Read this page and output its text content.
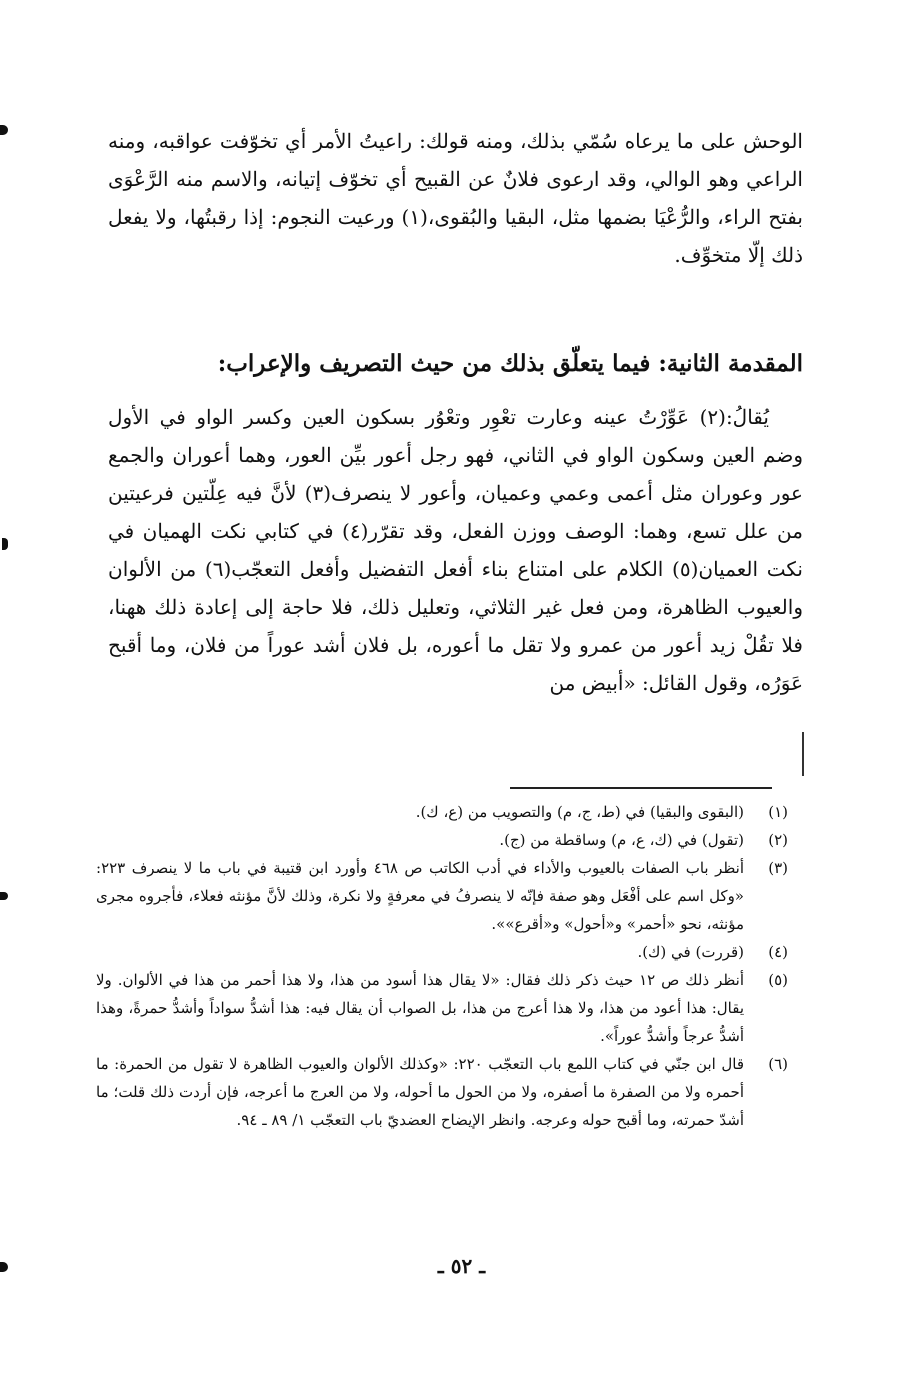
الوحش على ما يرعاه سُمّي بذلك، ومنه قولك: راعيتُ الأمر أي تخوّفت عواقبه، ومنه الراعي وهو الوالي، وقد ارعوى فلانٌ عن القبيح أي تخوّف إتيانه، والاسم منه الرَّعْوَى بفتح الراء، والرُّعْيَا بضمها مثل، البقيا والبُقوى،(١) ورعيت النجوم: إذا رقبتُها، ولا يفعل ذلك إلّا متخوِّف.

المقدمة الثانية: فيما يتعلّق بذلك من حيث التصريف والإعراب:

يُقالُ:(٢) عَوِّرْتُ عينه وعارت تعْوِر وتعْوُر بسكون العين وكسر الواو في الأول وضم العين وسكون الواو في الثاني، فهو رجل أعور بيِّن العور، وهما أعوران والجمع عور وعوران مثل أعمى وعمي وعميان، وأعور لا ينصرف(٣) لأنَّ فيه عِلّتين فرعيتين من علل تسع، وهما: الوصف ووزن الفعل، وقد تقرّر(٤) في كتابي نكت الهميان في نكت العميان(٥) الكلام على امتناع بناء أفعل التفضيل وأفعل التعجّب(٦) من الألوان والعيوب الظاهرة، ومن فعل غير الثلاثي، وتعليل ذلك، فلا حاجة إلى إعادة ذلك ههنا، فلا تقُلْ زيد أعور من عمرو ولا تقل ما أعوره، بل فلان أشد عوراً من فلان، وما أقبح عَوَرُه، وقول القائل: «أبيض من

(١)
(البقوى والبقيا) في (ط، ج، م) والتصويب من (ع، ك).
(٢)
(تقول) في (ك، ع، م) وساقطة من (ج).
(٣)
أنظر باب الصفات بالعيوب والأداء في أدب الكاتب ص ٤٦٨ وأورد ابن قتيبة في باب ما لا ينصرف ٢٢٣: «وكل اسم على أفْعَل وهو صفة فإنّه لا ينصرفُ في معرفةٍ ولا نكرة، وذلك لأنَّ مؤنثه فعلاء، فأجروه مجرى مؤنثه، نحو «أحمر» و«أحول» و«أقرع»».
(٤)
(قررت) في (ك).
(٥)
أنظر ذلك ص ١٢ حيث ذكر ذلك فقال: «لا يقال هذا أسود من هذا، ولا هذا أحمر من هذا في الألوان. ولا يقال: هذا أعود من هذا، ولا هذا أعرج من هذا، بل الصواب أن يقال فيه: هذا أشدُّ سواداً وأشدُّ حمرةً، وهذا أشدُّ عرجاً وأشدُّ عوراً».
(٦)
قال ابن جنّي في كتاب اللمع باب التعجّب ٢٢٠: «وكذلك الألوان والعيوب الظاهرة لا تقول من الحمرة: ما أحمره ولا من الصفرة ما أصفره، ولا من الحول ما أحوله، ولا من العرج ما أعرجه، فإن أردت ذلك قلت؛ ما أشدّ حمرته، وما أقبح حوله وعرجه. وانظر الإيضاح العضديّ باب التعجّب ١/ ٨٩ ـ ٩٤.
ـ ٥٢ ـ
